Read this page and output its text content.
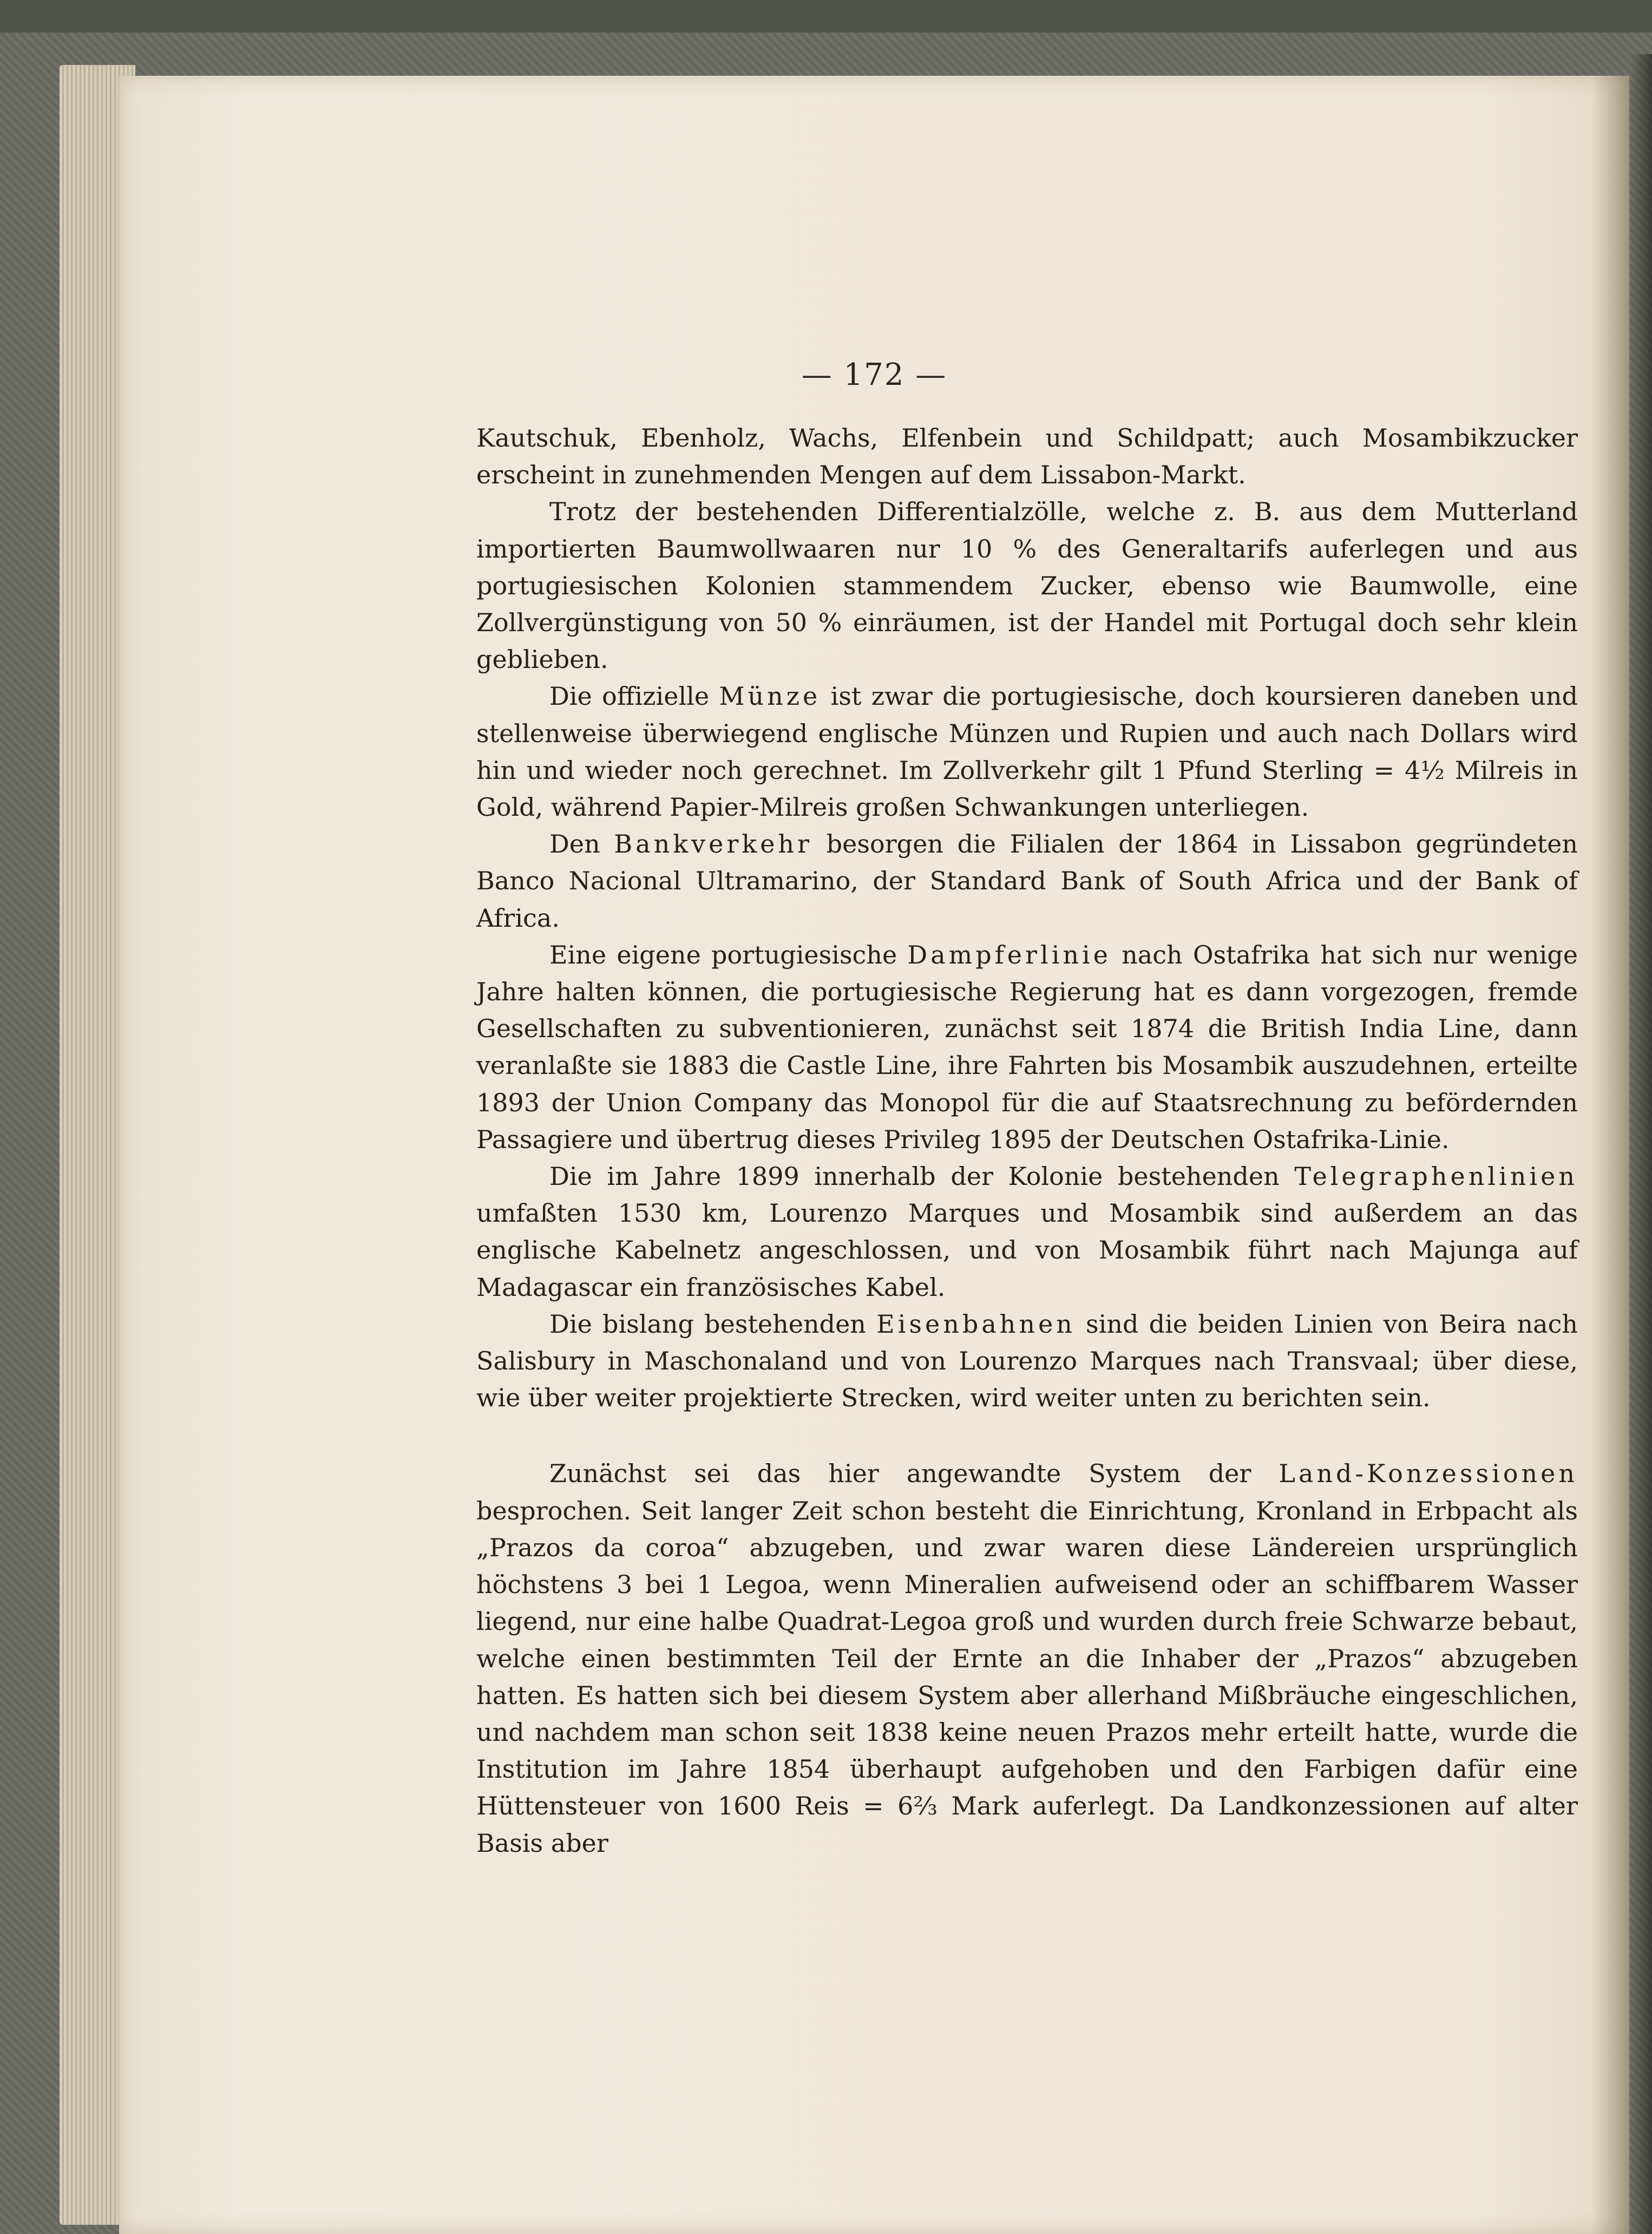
— 172 —

Kautschuk, Ebenholz, Wachs, Elfenbein und Schildpatt; auch Mosambikzucker erscheint in zunehmenden Mengen auf dem Lissabon-Markt.

Trotz der bestehenden Differentialzölle, welche z. B. aus dem Mutterland importierten Baumwollwaaren nur 10 % des Generaltarifs auferlegen und aus portugiesischen Kolonien stammendem Zucker, ebenso wie Baumwolle, eine Zollvergünstigung von 50 % einräumen, ist der Handel mit Portugal doch sehr klein geblieben.

Die offizielle Münze ist zwar die portugiesische, doch koursieren daneben und stellenweise überwiegend englische Münzen und Rupien und auch nach Dollars wird hin und wieder noch gerechnet. Im Zollverkehr gilt 1 Pfund Sterling = 4½ Milreis in Gold, während Papier-Milreis großen Schwankungen unterliegen.

Den Bankverkehr besorgen die Filialen der 1864 in Lissabon gegründeten Banco Nacional Ultramarino, der Standard Bank of South Africa und der Bank of Africa.

Eine eigene portugiesische Dampferlinie nach Ostafrika hat sich nur wenige Jahre halten können, die portugiesische Regierung hat es dann vorgezogen, fremde Gesellschaften zu subventionieren, zunächst seit 1874 die British India Line, dann veranlaßte sie 1883 die Castle Line, ihre Fahrten bis Mosambik auszudehnen, erteilte 1893 der Union Company das Monopol für die auf Staatsrechnung zu befördernden Passagiere und übertrug dieses Privileg 1895 der Deutschen Ostafrika-Linie.

Die im Jahre 1899 innerhalb der Kolonie bestehenden Telegraphenlinien umfaßten 1530 km, Lourenzo Marques und Mosambik sind außerdem an das englische Kabelnetz angeschlossen, und von Mosambik führt nach Majunga auf Madagascar ein französisches Kabel.

Die bislang bestehenden Eisenbahnen sind die beiden Linien von Beira nach Salisbury in Maschonaland und von Lourenzo Marques nach Transvaal; über diese, wie über weiter projektierte Strecken, wird weiter unten zu berichten sein.

Zunächst sei das hier angewandte System der Land-Konzessionen besprochen. Seit langer Zeit schon besteht die Einrichtung, Kronland in Erbpacht als „Prazos da coroa“ abzugeben, und zwar waren diese Ländereien ursprünglich höchstens 3 bei 1 Legoa, wenn Mineralien aufweisend oder an schiffbarem Wasser liegend, nur eine halbe Quadrat-Legoa groß und wurden durch freie Schwarze bebaut, welche einen bestimmten Teil der Ernte an die Inhaber der „Prazos“ abzugeben hatten. Es hatten sich bei diesem System aber allerhand Mißbräuche eingeschlichen, und nachdem man schon seit 1838 keine neuen Prazos mehr erteilt hatte, wurde die Institution im Jahre 1854 überhaupt aufgehoben und den Farbigen dafür eine Hüttensteuer von 1600 Reis = 6⅔ Mark auferlegt. Da Landkonzessionen auf alter Basis aber
